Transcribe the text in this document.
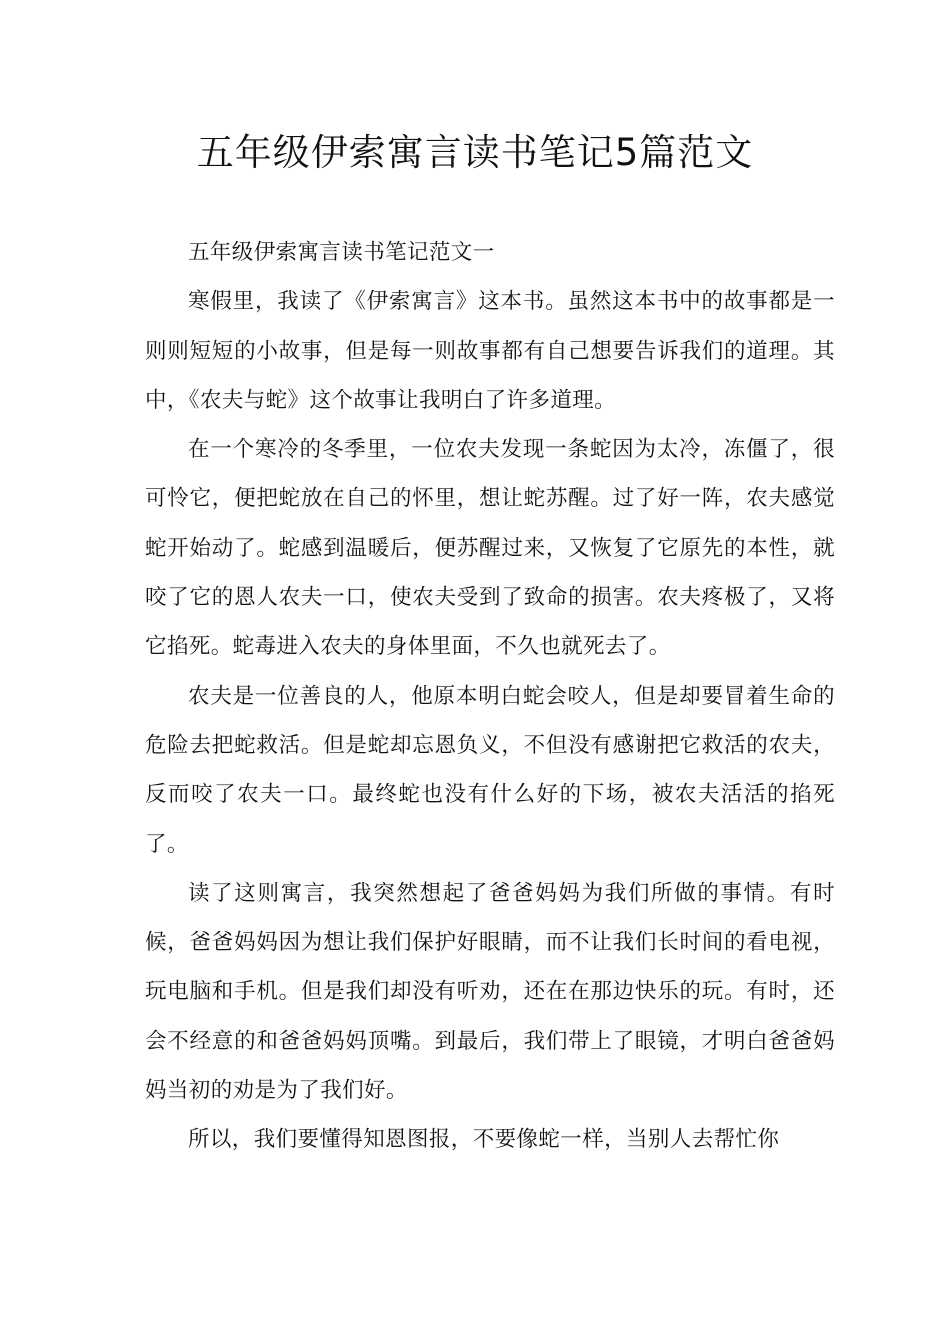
五年级伊索寓言读书笔记5篇范文

五年级伊索寓言读书笔记范文一

寒假里，我读了《伊索寓言》这本书。虽然这本书中的故事都是一则则短短的小故事，但是每一则故事都有自己想要告诉我们的道理。其中，《农夫与蛇》这个故事让我明白了许多道理。

在一个寒冷的冬季里，一位农夫发现一条蛇因为太冷，冻僵了，很可怜它，便把蛇放在自己的怀里，想让蛇苏醒。过了好一阵，农夫感觉蛇开始动了。蛇感到温暖后，便苏醒过来，又恢复了它原先的本性，就咬了它的恩人农夫一口，使农夫受到了致命的损害。农夫疼极了，又将它掐死。蛇毒进入农夫的身体里面，不久也就死去了。

农夫是一位善良的人，他原本明白蛇会咬人，但是却要冒着生命的危险去把蛇救活。但是蛇却忘恩负义，不但没有感谢把它救活的农夫，反而咬了农夫一口。最终蛇也没有什么好的下场，被农夫活活的掐死了。

读了这则寓言，我突然想起了爸爸妈妈为我们所做的事情。有时候，爸爸妈妈因为想让我们保护好眼睛，而不让我们长时间的看电视，玩电脑和手机。但是我们却没有听劝，还在在那边快乐的玩。有时，还会不经意的和爸爸妈妈顶嘴。到最后，我们带上了眼镜，才明白爸爸妈妈当初的劝是为了我们好。

所以，我们要懂得知恩图报，不要像蛇一样，当别人去帮忙你
